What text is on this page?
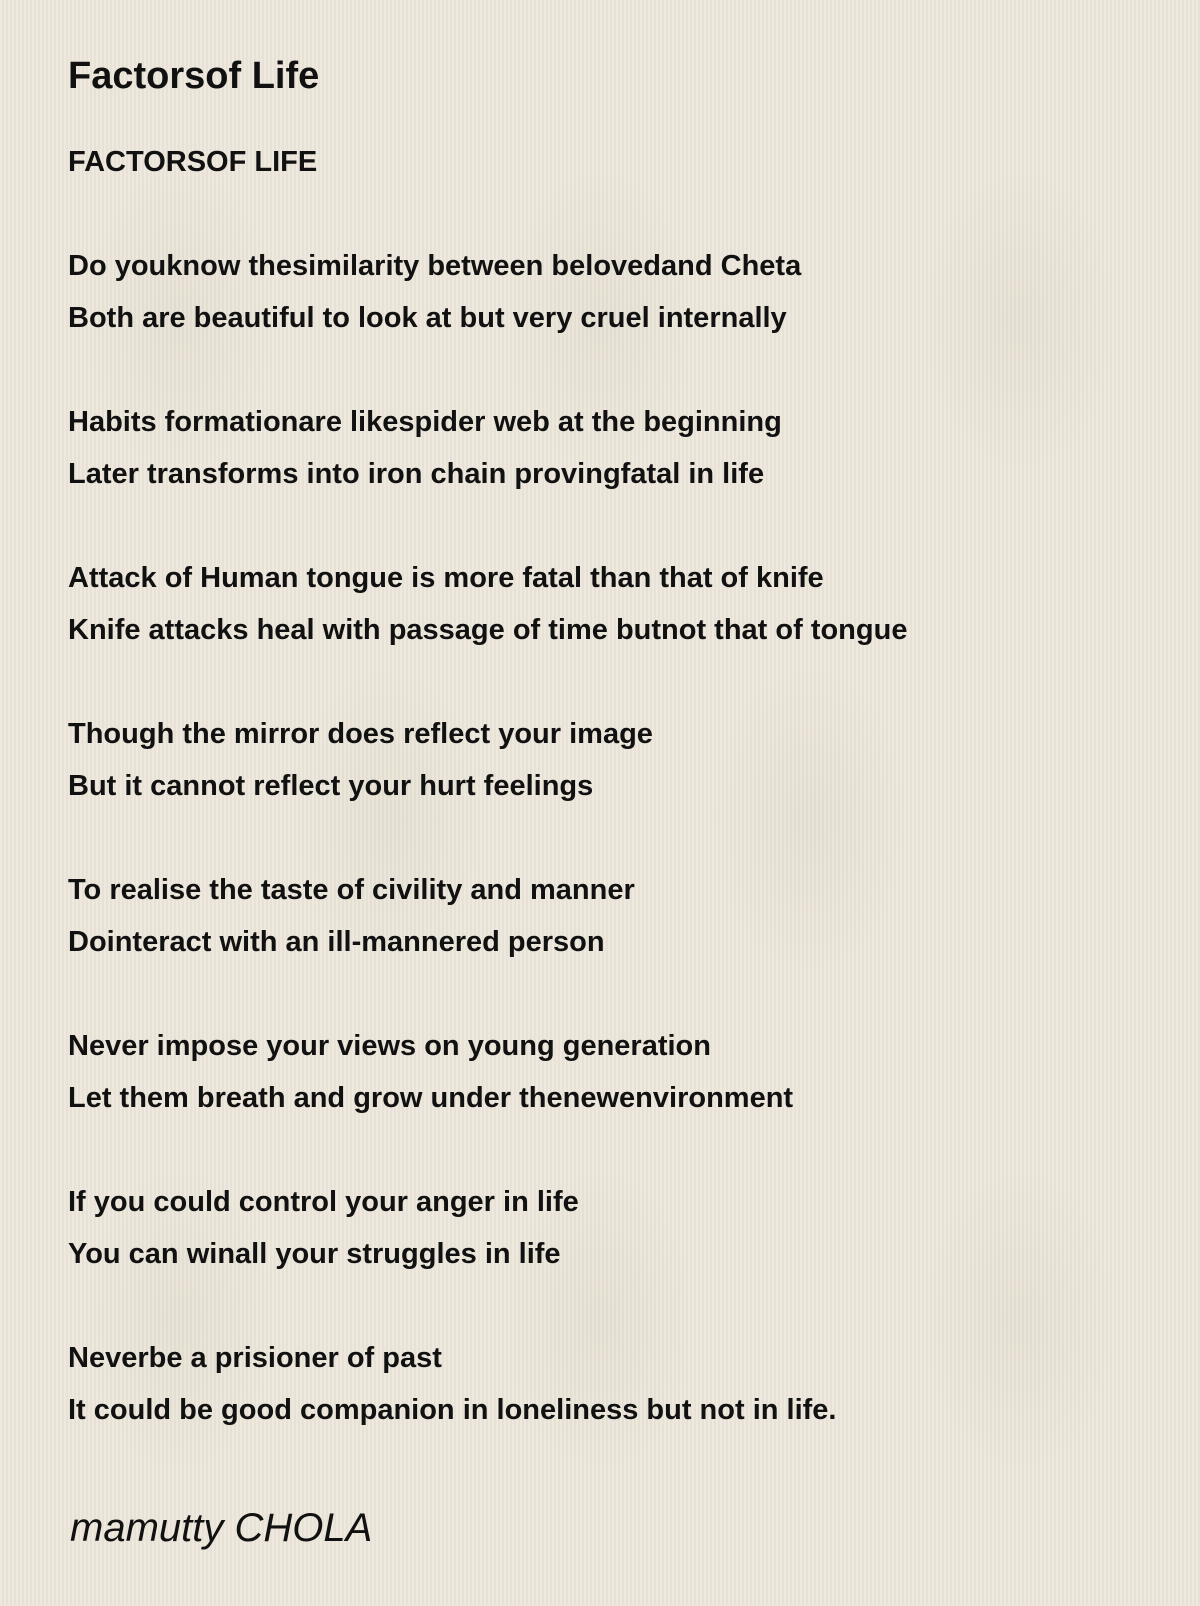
Factorsof Life
FACTORSOF LIFE
Do youknow thesimilarity between belovedand Cheta
Both are beautiful to look at but very cruel internally
Habits formationare likespider web at the beginning
Later transforms into iron chain provingfatal in life
Attack of Human tongue is more fatal than that of knife
Knife attacks heal with passage of time butnot that of tongue
Though the mirror does reflect your image
But it cannot reflect your hurt feelings
To realise the taste of civility and manner
Dointeract with an ill-mannered person
Never impose your views on young generation
Let them breath and grow under thenewenvironment
If you could control your anger in life
You can winall your struggles in life
Neverbe a prisioner of past
It could be good companion in loneliness but not in life.
mamutty CHOLA
